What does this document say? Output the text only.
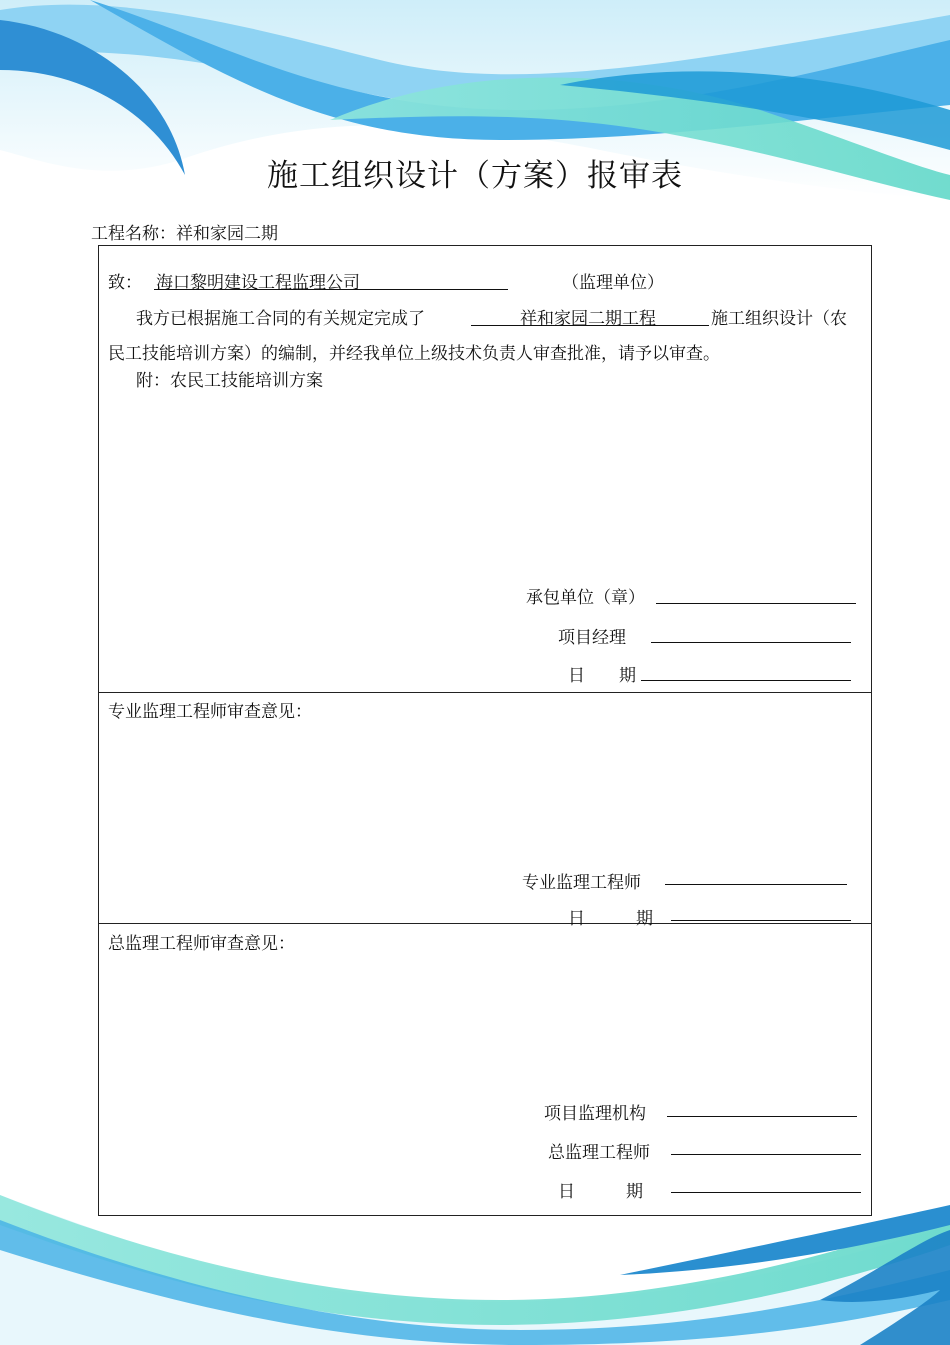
施工组织设计（方案）报审表
工程名称：祥和家园二期
致： 海口黎明建设工程监理公司	（监理单位）
我方已根据施工合同的有关规定完成了	祥和家园二期工程	施工组织设计（农
民工技能培训方案）的编制，并经我单位上级技术负责人审查批准，请予以审查。
附：农民工技能培训方案
承包单位（章）
项目经理
日　　期
专业监理工程师审查意见：
专业监理工程师
日　　　期
总监理工程师审查意见：
项目监理机构
总监理工程师
日　　　期
